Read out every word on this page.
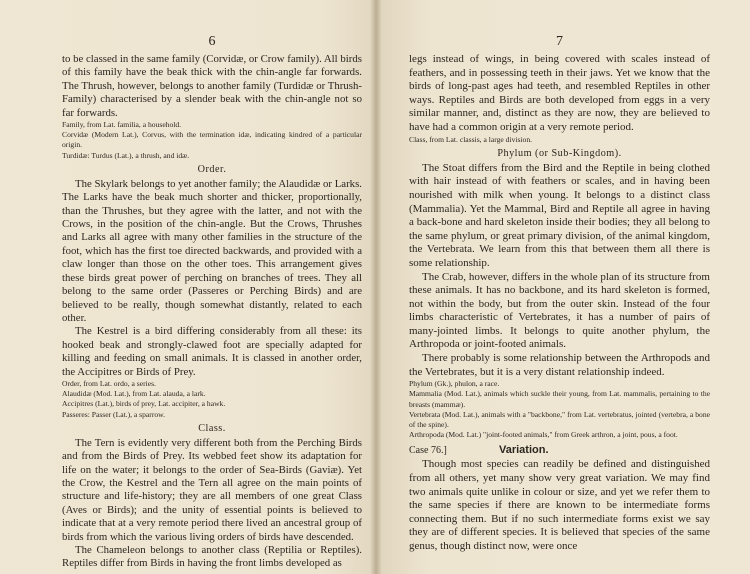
6

to be classed in the same family (Corvidæ, or Crow family). All birds of this family have the beak thick with the chin-angle far forwards. The Thrush, however, belongs to another family (Turdidæ or Thrush-Family) characterised by a slender beak with the chin-angle not so far forwards.

Family, from Lat. familia, a household.

Corvidæ (Modern Lat.), Corvus, with the termination idæ, indicating kindred of a particular origin.

Turdidæ: Turdus (Lat.), a thrush, and idæ.

Order.

The Skylark belongs to yet another family; the Alaudidæ or Larks. The Larks have the beak much shorter and thicker, proportionally, than the Thrushes, but they agree with the latter, and not with the Crows, in the position of the chin-angle. But the Crows, Thrushes and Larks all agree with many other families in the structure of the foot, which has the first toe directed backwards, and provided with a claw longer than those on the other toes. This arrangement gives these birds great power of perching on branches of trees. They all belong to the same order (Passeres or Perching Birds) and are believed to be really, though somewhat distantly, related to each other.

The Kestrel is a bird differing considerably from all these: its hooked beak and strongly-clawed foot are specially adapted for killing and feeding on small animals. It is classed in another order, the Accipitres or Birds of Prey.

Order, from Lat. ordo, a series.

Alaudidæ (Mod. Lat.), from Lat. alauda, a lark.

Accipitres (Lat.), birds of prey, Lat. accipiter, a hawk.

Passeres: Passer (Lat.), a sparrow.

Class.

The Tern is evidently very different both from the Perching Birds and from the Birds of Prey. Its webbed feet show its adaptation for life on the water; it belongs to the order of Sea-Birds (Gaviæ). Yet the Crow, the Kestrel and the Tern all agree on the main points of structure and life-history; they are all members of one great Class (Aves or Birds); and the unity of essential points is believed to indicate that at a very remote period there lived an ancestral group of birds from which the various living orders of birds have descended.

The Chameleon belongs to another class (Reptilia or Reptiles). Reptiles differ from Birds in having the front limbs developed as

7

legs instead of wings, in being covered with scales instead of feathers, and in possessing teeth in their jaws. Yet we know that the birds of long-past ages had teeth, and resembled Reptiles in other ways. Reptiles and Birds are both developed from eggs in a very similar manner, and, distinct as they are now, they are believed to have had a common origin at a very remote period.

Class, from Lat. classis, a large division.

Phylum (or Sub-Kingdom).

The Stoat differs from the Bird and the Reptile in being clothed with hair instead of with feathers or scales, and in having been nourished with milk when young. It belongs to a distinct class (Mammalia). Yet the Mammal, Bird and Reptile all agree in having a back-bone and hard skeleton inside their bodies; they all belong to the same phylum, or great primary division, of the animal kingdom, the Vertebrata. We learn from this that between them all there is some relationship.

The Crab, however, differs in the whole plan of its structure from these animals. It has no backbone, and its hard skeleton is formed, not within the body, but from the outer skin. Instead of the four limbs characteristic of Vertebrates, it has a number of pairs of many-jointed limbs. It belongs to quite another phylum, the Arthropoda or joint-footed animals.

There probably is some relationship between the Arthropods and the Vertebrates, but it is a very distant relationship indeed.

Phylum (Gk.), phulon, a race.

Mammalia (Mod. Lat.), animals which suckle their young, from Lat. mammalis, pertaining to the breasts (mammæ).

Vertebrata (Mod. Lat.), animals with a "backbone," from Lat. vertebratus, jointed (vertebra, a bone of the spine).

Arthropoda (Mod. Lat.) "joint-footed animals," from Greek arthron, a joint, pous, a foot.

Case 76.]	Variation.

Though most species can readily be defined and distinguished from all others, yet many show very great variation. We may find two animals quite unlike in colour or size, and yet we refer them to the same species if there are known to be intermediate forms connecting them. But if no such intermediate forms exist we say they are of different species. It is believed that species of the same genus, though distinct now, were once
